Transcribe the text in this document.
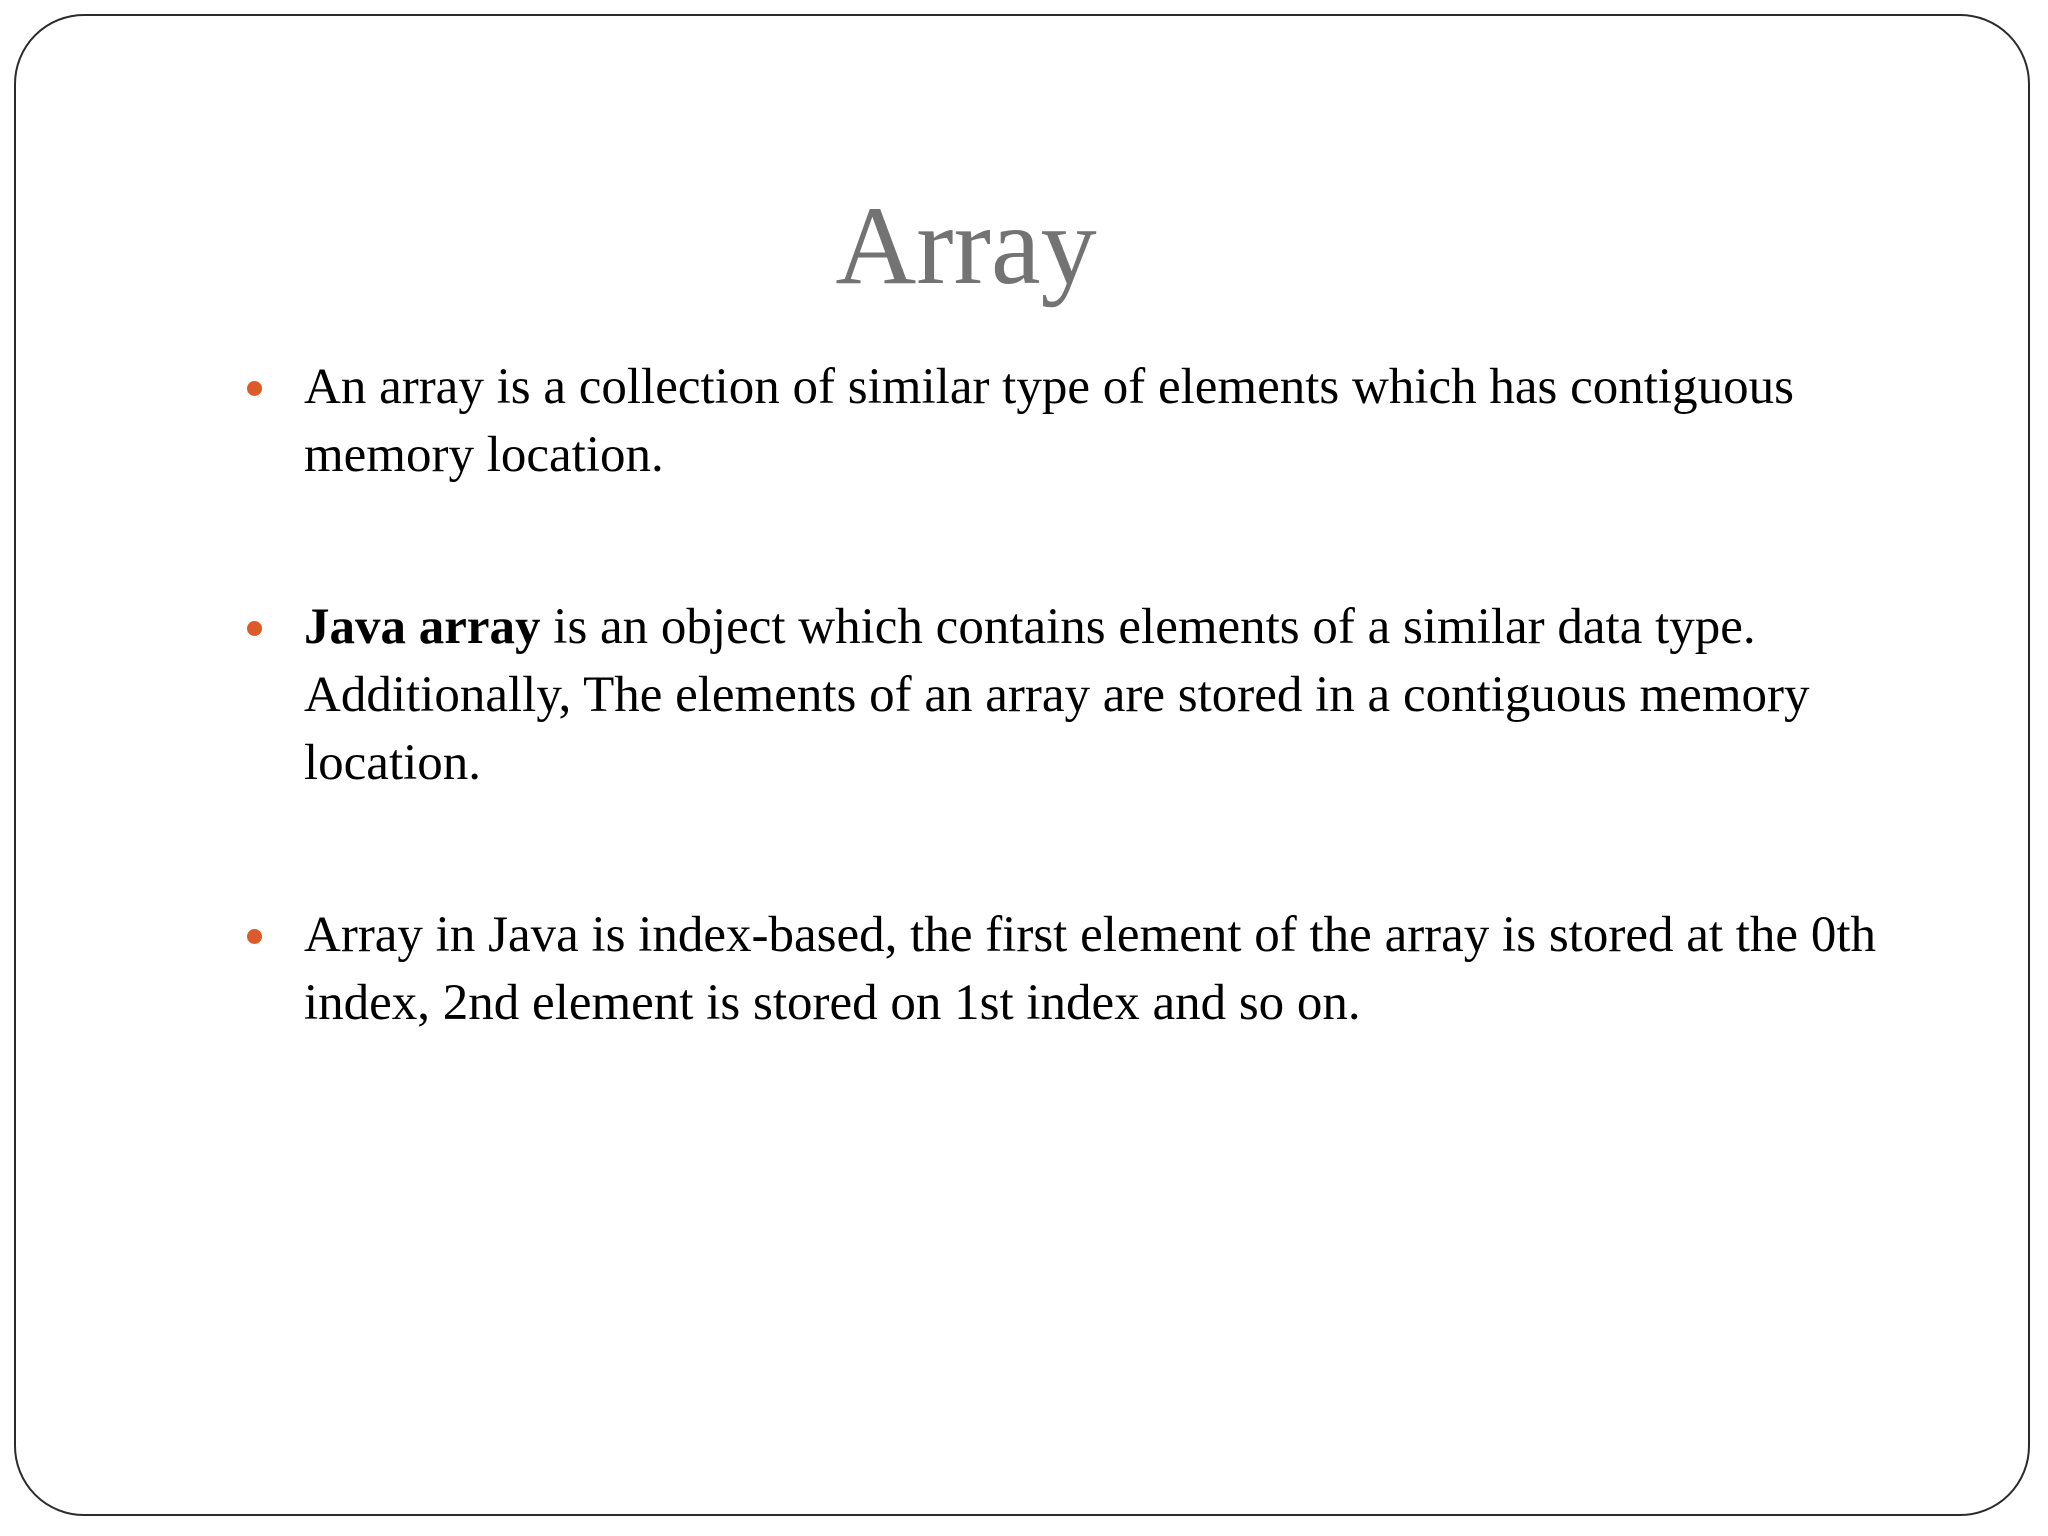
Array
An array is a collection of similar type of elements which has contiguous memory location.
Java array is an object which contains elements of a similar data type. Additionally, The elements of an array are stored in a contiguous memory location.
Array in Java is index-based, the first element of the array is stored at the 0th index, 2nd element is stored on 1st index and so on.
